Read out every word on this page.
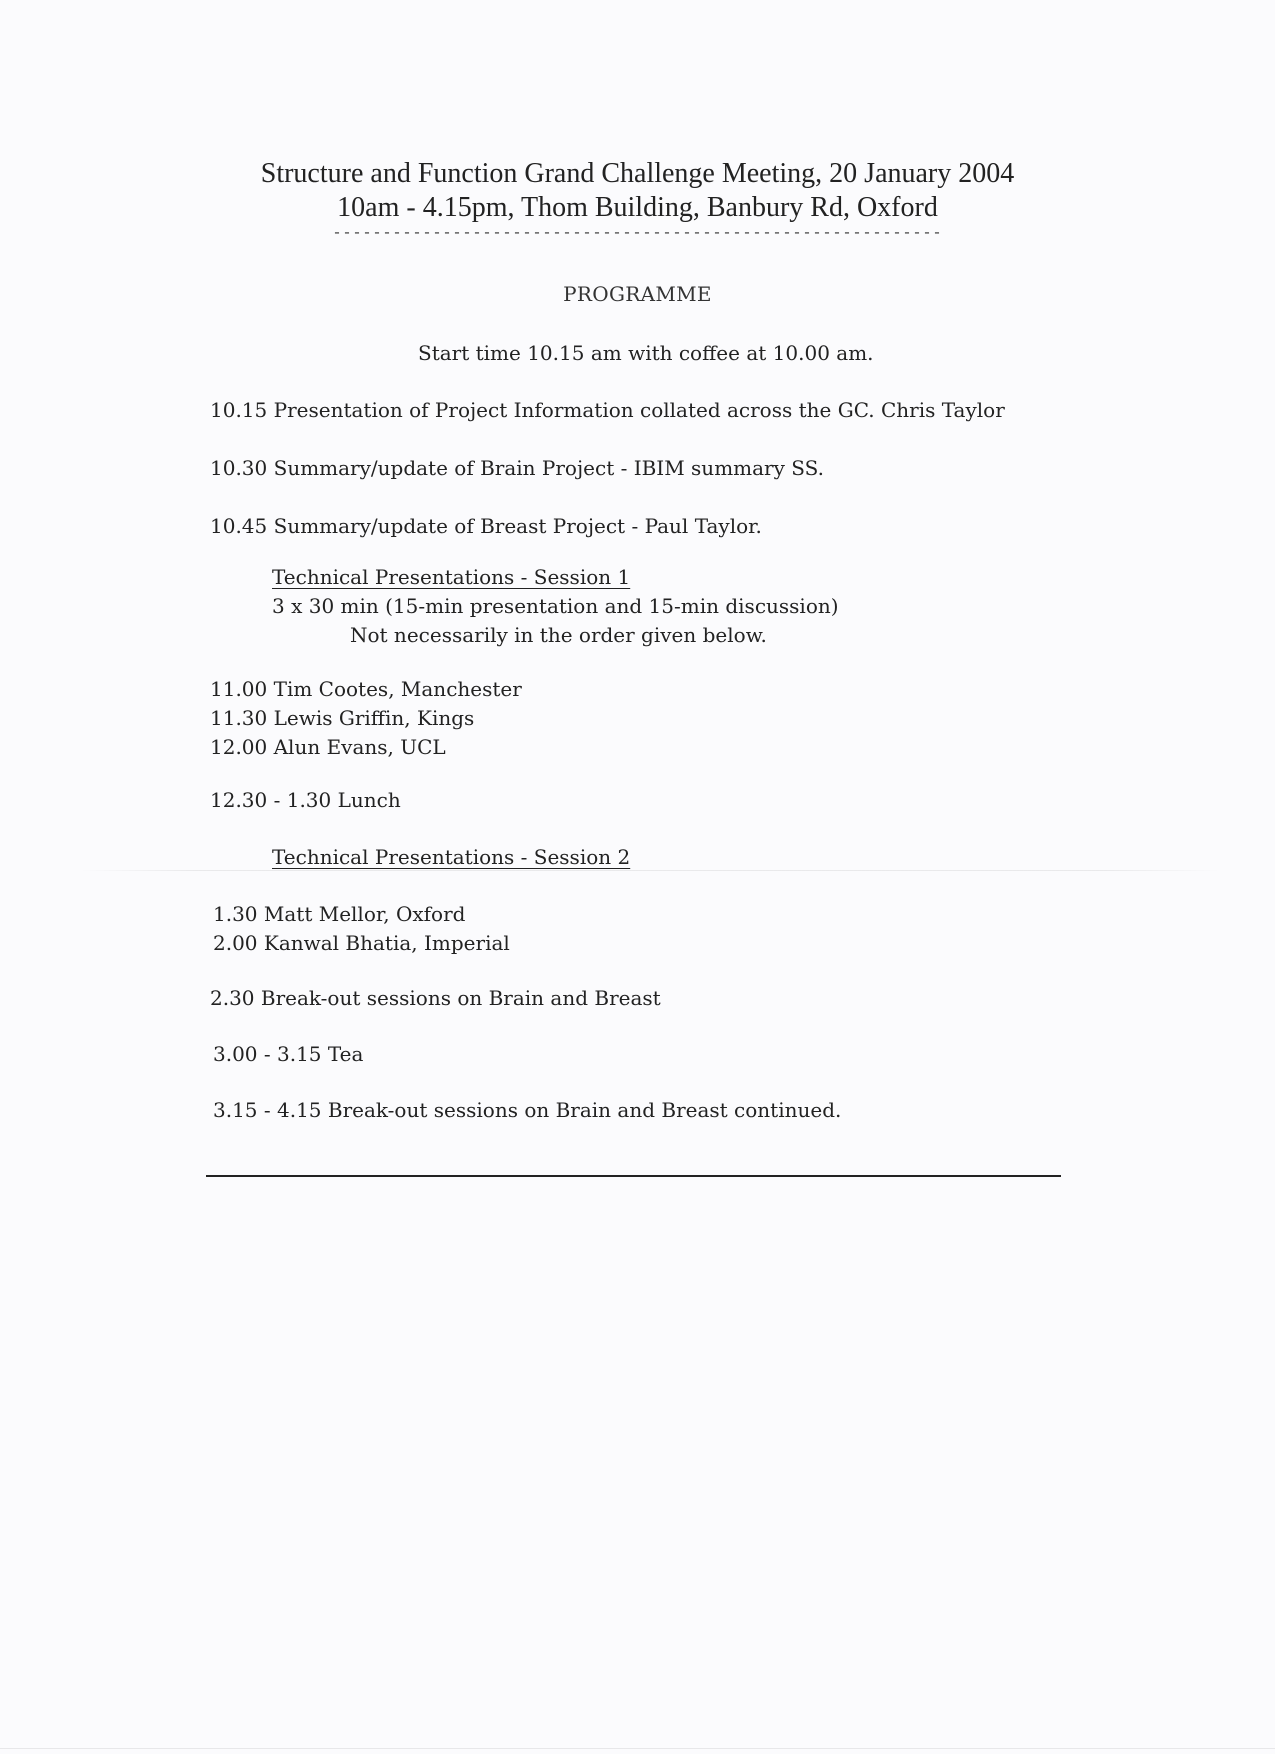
Structure and Function Grand Challenge Meeting, 20 January 2004
10am - 4.15pm, Thom Building, Banbury Rd, Oxford
-------------------------------------------------------------
PROGRAMME
Start time 10.15 am with coffee at 10.00 am.
10.15 Presentation of Project Information collated across the GC. Chris Taylor
10.30 Summary/update of Brain Project - IBIM summary SS.
10.45 Summary/update of Breast Project - Paul Taylor.
Technical Presentations - Session 1
3 x 30 min (15-min presentation and 15-min discussion)
Not necessarily in the order given below.
11.00 Tim Cootes, Manchester
11.30 Lewis Griffin, Kings
12.00 Alun Evans, UCL
12.30 - 1.30 Lunch
Technical Presentations - Session 2
1.30 Matt Mellor, Oxford
2.00 Kanwal Bhatia, Imperial
2.30 Break-out sessions on Brain and Breast
3.00 - 3.15 Tea
3.15 - 4.15 Break-out sessions on Brain and Breast continued.
